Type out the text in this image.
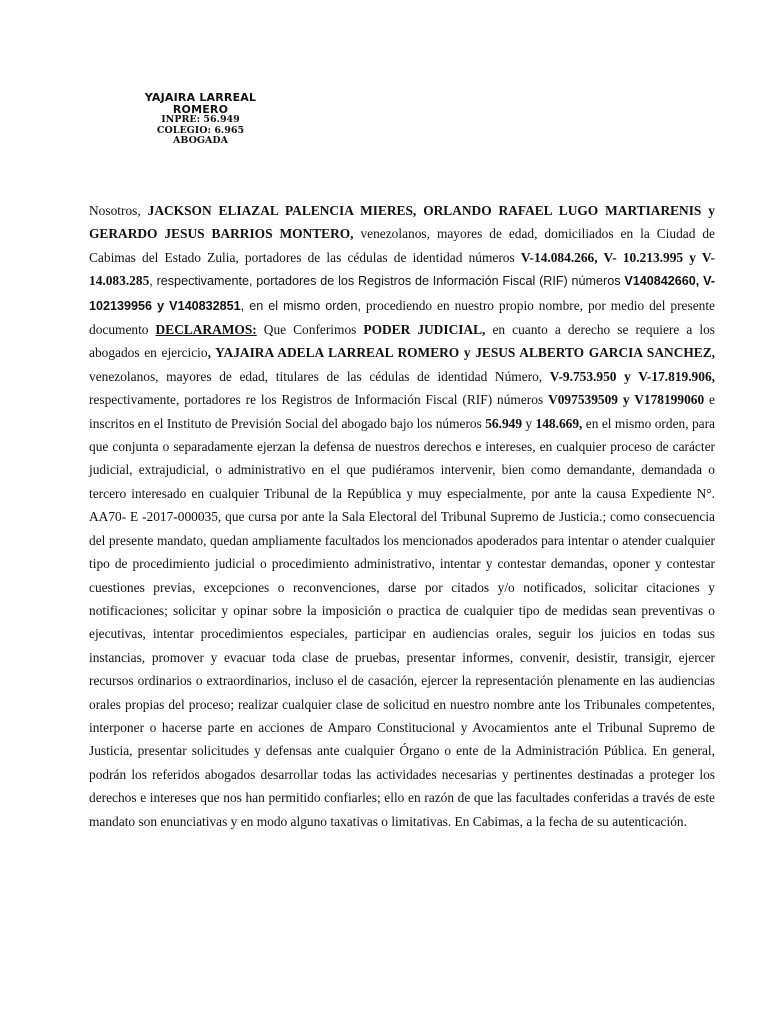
YAJAIRA LARREAL
ROMERO
INPRE: 56.949
COLEGIO: 6.965
ABOGADA

Nosotros, JACKSON ELIAZAL PALENCIA MIERES, ORLANDO RAFAEL LUGO MARTIARENIS y GERARDO JESUS BARRIOS MONTERO, venezolanos, mayores de edad, domiciliados en la Ciudad de Cabimas del Estado Zulia, portadores de las cédulas de identidad números V-14.084.266, V- 10.213.995 y V-14.083.285, respectivamente, portadores de los Registros de Información Fiscal (RIF) números V140842660, V-102139956 y V140832851, en el mismo orden, procediendo en nuestro propio nombre, por medio del presente documento DECLARAMOS: Que Conferimos PODER JUDICIAL, en cuanto a derecho se requiere a los abogados en ejercicio, YAJAIRA ADELA LARREAL ROMERO y JESUS ALBERTO GARCIA SANCHEZ, venezolanos, mayores de edad, titulares de las cédulas de identidad Número, V-9.753.950 y V-17.819.906, respectivamente, portadores re los Registros de Información Fiscal (RIF) números V097539509 y V178199060 e inscritos en el Instituto de Previsión Social del abogado bajo los números 56.949 y 148.669, en el mismo orden, para que conjunta o separadamente ejerzan la defensa de nuestros derechos e intereses, en cualquier proceso de carácter judicial, extrajudicial, o administrativo en el que pudiéramos intervenir, bien como demandante, demandada o tercero interesado en cualquier Tribunal de la República y muy especialmente, por ante la causa Expediente N°. AA70- E -2017-000035, que cursa por ante la Sala Electoral del Tribunal Supremo de Justicia.; como consecuencia del presente mandato, quedan ampliamente facultados los mencionados apoderados para intentar o atender cualquier tipo de procedimiento judicial o procedimiento administrativo, intentar y contestar demandas, oponer y contestar cuestiones previas, excepciones o reconvenciones, darse por citados y/o notificados, solicitar citaciones y notificaciones; solicitar y opinar sobre la imposición o practica de cualquier tipo de medidas sean preventivas o ejecutivas, intentar procedimientos especiales, participar en audiencias orales, seguir los juicios en todas sus instancias, promover y evacuar toda clase de pruebas, presentar informes, convenir, desistir, transigir, ejercer recursos ordinarios o extraordinarios, incluso el de casación, ejercer la representación plenamente en las audiencias orales propias del proceso; realizar cualquier clase de solicitud en nuestro nombre ante los Tribunales competentes, interponer o hacerse parte en acciones de Amparo Constitucional y Avocamientos ante el Tribunal Supremo de Justicia, presentar solicitudes y defensas ante cualquier Órgano o ente de la Administración Pública. En general, podrán los referidos abogados desarrollar todas las actividades necesarias y pertinentes destinadas a proteger los derechos e intereses que nos han permitido confiarles; ello en razón de que las facultades conferidas a través de este mandato son enunciativas y en modo alguno taxativas o limitativas. En Cabimas, a la fecha de su autenticación.
